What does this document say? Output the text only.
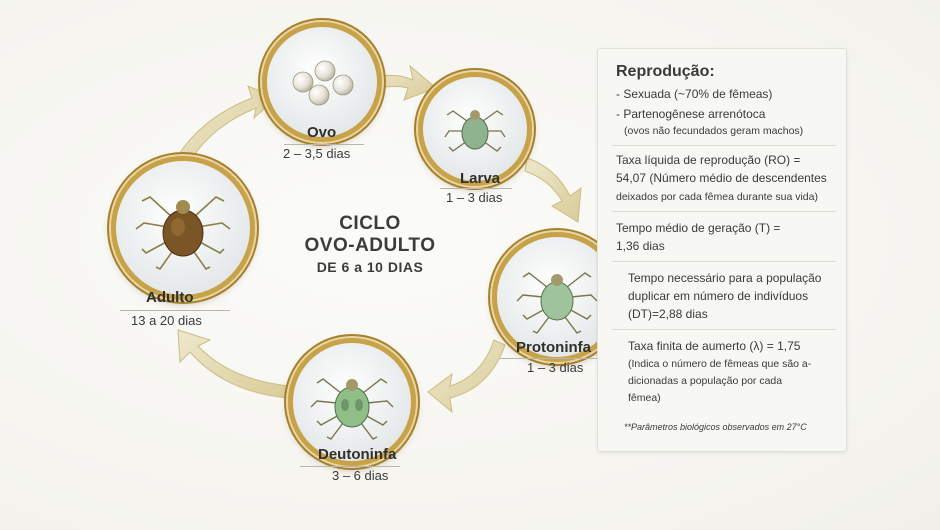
Ovo
2 – 3,5 dias
Larva
1 – 3 dias
Protoninfa
1 – 3 dias
Deutoninfa
3 – 6 dias
Adulto
13 a 20 dias
CICLO
OVO-ADULTO
DE 6 a 10 DIAS
Reprodução:
- Sexuada (~70% de fêmeas)
- Partenogênese arrenótoca
(ovos não fecundados geram machos)
Taxa líquida de reprodução (RO) =
54,07 (Número médio de descendentes
deixados por cada fêmea durante sua vida)
Tempo médio de geração (T) =
1,36 dias
Tempo necessário para a população
duplicar em número de indivíduos
(DT)=2,88 dias
Taxa finita de aumerto (λ) = 1,75
(Indica o número de fêmeas que são a-
dicionadas a população por cada
fêmea)
**Parâmetros biológicos observados em 27°C
